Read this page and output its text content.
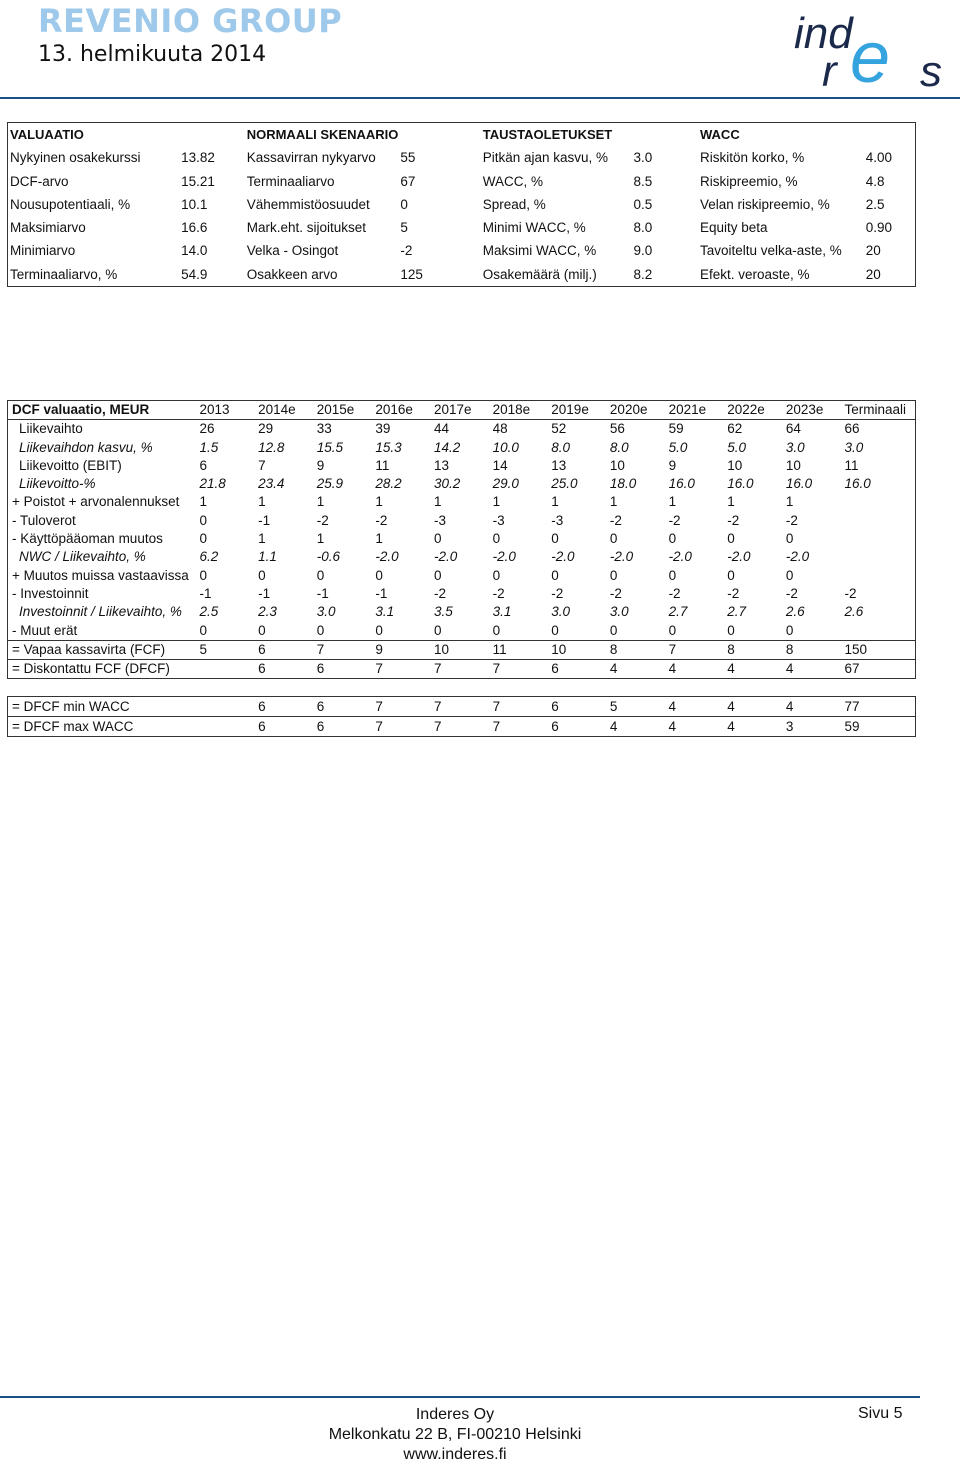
REVENIO GROUP
13. helmikuuta 2014	ind
r e s
VALUAATIO		NORMAALI SKENAARIO		TAUSTAOLETUKSET		WACC	
Nykyinen osakekurssi	13.82	Kassavirran nykyarvo	55	Pitkän ajan kasvu, %	3.0	Riskitön korko, %	4.00
DCF-arvo	15.21	Terminaaliarvo	67	WACC, %	8.5	Riskipreemio, %	4.8
Nousupotentiaali, %	10.1	Vähemmistöosuudet	0	Spread, %	0.5	Velan riskipreemio, %	2.5
Maksimiarvo	16.6	Mark.eht. sijoitukset	5	Minimi WACC, %	8.0	Equity beta	0.90
Minimiarvo	14.0	Velka - Osingot	-2	Maksimi WACC, %	9.0	Tavoiteltu velka-aste, %	20
Terminaaliarvo, %	54.9	Osakkeen arvo	125	Osakemäärä (milj.)	8.2	Efekt. veroaste, %	20
DCF valuaatio, MEUR	2013	2014e	2015e	2016e	2017e	2018e	2019e	2020e	2021e	2022e	2023e	Terminaali
Liikevaihto	26	29	33	39	44	48	52	56	59	62	64	66
Liikevaihdon kasvu, %	1.5	12.8	15.5	15.3	14.2	10.0	8.0	8.0	5.0	5.0	3.0	3.0
Liikevoitto (EBIT)	6	7	9	11	13	14	13	10	9	10	10	11
Liikevoitto-%	21.8	23.4	25.9	28.2	30.2	29.0	25.0	18.0	16.0	16.0	16.0	16.0
+ Poistot + arvonalennukset	1	1	1	1	1	1	1	1	1	1	1	
- Tuloverot	0	-1	-2	-2	-3	-3	-3	-2	-2	-2	-2	
- Käyttöpääoman muutos	0	1	1	1	0	0	0	0	0	0	0	
NWC / Liikevaihto, %	6.2	1.1	-0.6	-2.0	-2.0	-2.0	-2.0	-2.0	-2.0	-2.0	-2.0	
+ Muutos muissa vastaavissa	0	0	0	0	0	0	0	0	0	0	0	
- Investoinnit	-1	-1	-1	-1	-2	-2	-2	-2	-2	-2	-2	-2
Investoinnit / Liikevaihto, %	2.5	2.3	3.0	3.1	3.5	3.1	3.0	3.0	2.7	2.7	2.6	2.6
- Muut erät	0	0	0	0	0	0	0	0	0	0	0	
= Vapaa kassavirta (FCF)	5	6	7	9	10	11	10	8	7	8	8	150
= Diskontattu FCF (DFCF)		6	6	7	7	7	6	4	4	4	4	67
= DFCF min WACC		6	6	7	7	7	6	5	4	4	4	77
= DFCF max WACC		6	6	7	7	7	6	4	4	4	3	59
Inderes Oy
Melkonkatu 22 B, FI-00210 Helsinki
www.inderes.fi
Sivu 5
